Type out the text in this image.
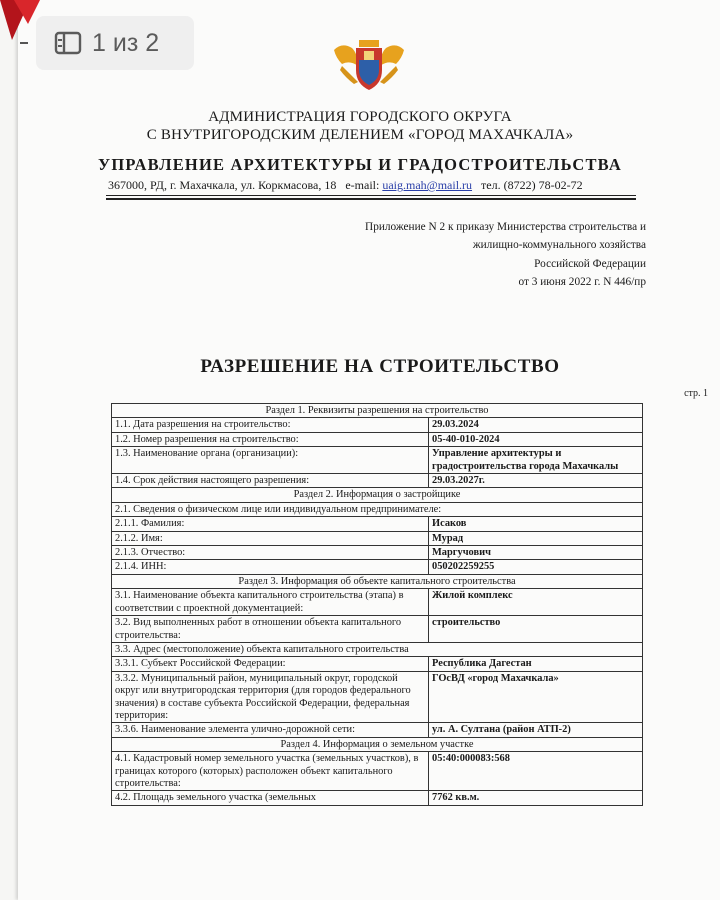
1 из 2
АДМИНИСТРАЦИЯ ГОРОДСКОГО ОКРУГА
С ВНУТРИГОРОДСКИМ ДЕЛЕНИЕМ «ГОРОД МАХАЧКАЛА»
УПРАВЛЕНИЕ АРХИТЕКТУРЫ И ГРАДОСТРОИТЕЛЬСТВА
367000, РД, г. Махачкала, ул. Коркмасова, 18 e-mail: uaig.mah@mail.ru тел. (8722) 78-02-72
Приложение N 2 к приказу Министерства строительства и
жилищно-коммунального хозяйства
Российской Федерации
от 3 июня 2022 г. N 446/пр
РАЗРЕШЕНИЕ НА СТРОИТЕЛЬСТВО
стр. 1
Раздел 1. Реквизиты разрешения на строительство	
1.1. Дата разрешения на строительство:	29.03.2024
1.2. Номер разрешения на строительство:	05-40-010-2024
1.3. Наименование органа (организации):	Управление архитектуры и градостроительства города Махачкалы
1.4. Срок действия настоящего разрешения:	29.03.2027г.
Раздел 2. Информация о застройщике	
2.1. Сведения о физическом лице или индивидуальном предпринимателе:	
2.1.1. Фамилия:	Исаков
2.1.2. Имя:	Мурад
2.1.3. Отчество:	Маргучович
2.1.4. ИНН:	050202259255
Раздел 3. Информация об объекте капитального строительства	
3.1. Наименование объекта капитального строительства (этапа) в соответствии с проектной документацией:	Жилой комплекс
3.2. Вид выполненных работ в отношении объекта капитального строительства:	строительство
3.3. Адрес (местоположение) объекта капитального строительства	
3.3.1. Субъект Российской Федерации:	Республика Дагестан
3.3.2. Муниципальный район, муниципальный округ, городской округ или внутригородская территория (для городов федерального значения) в составе субъекта Российской Федерации, федеральная территория:	ГОсВД «город Махачкала»
3.3.6. Наименование элемента улично-дорожной сети:	ул. А. Султана (район АТП-2)
Раздел 4. Информация о земельном участке	
4.1. Кадастровый номер земельного участка (земельных участков), в границах которого (которых) расположен объект капитального строительства:	05:40:000083:568
4.2. Площадь земельного участка (земельных	7762 кв.м.
